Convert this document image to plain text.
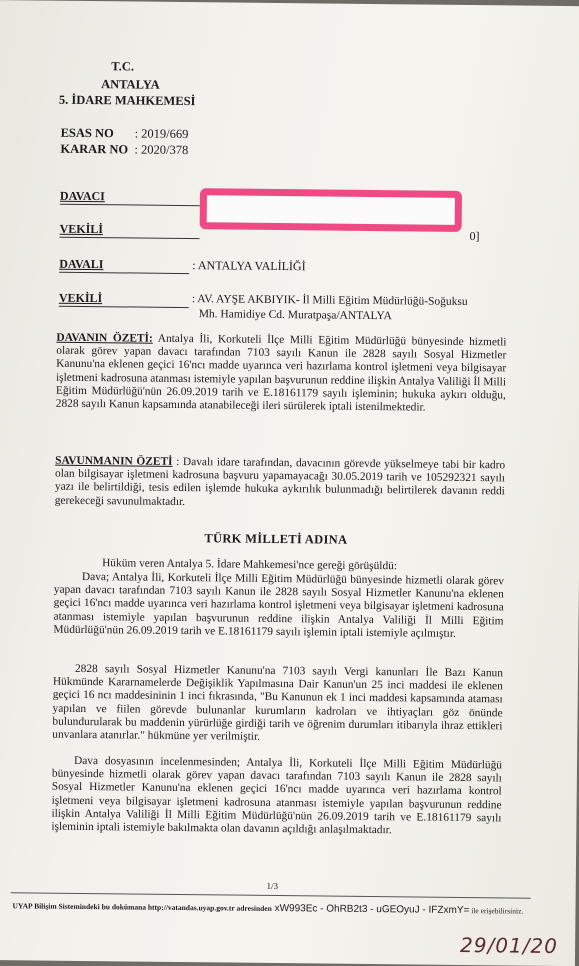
T.C.
ANTALYA
5. İDARE MAHKEMESİ
ESAS NO : 2019/669
KARAR NO : 2020/378
DAVACI
VEKİLİ	0]
DAVALI	: ANTALYA VALİLİĞİ
VEKİLİ	: AV. AYŞE AKBIYIK- İl Milli Eğitim Müdürlüğü-Soğuksu
Mh. Hamidiye Cd. Muratpaşa/ANTALYA
DAVANIN ÖZETİ: Antalya İli, Korkuteli İlçe Milli Eğitim Müdürlüğü bünyesinde hizmetli olarak görev yapan davacı tarafından 7103 sayılı Kanun ile 2828 sayılı Sosyal Hizmetler Kanunu'na eklenen geçici 16'ncı madde uyarınca veri hazırlama kontrol işletmeni veya bilgisayar işletmeni kadrosuna atanması istemiyle yapılan başvurunun reddine ilişkin Antalya Valiliği İl Milli Eğitim Müdürlüğü'nün 26.09.2019 tarih ve E.18161179 sayılı işleminin; hukuka aykırı olduğu, 2828 sayılı Kanun kapsamında atanabileceği ileri sürülerek iptali istenilmektedir.
SAVUNMANIN ÖZETİ : Davalı idare tarafından, davacının görevde yükselmeye tabi bir kadro olan bilgisayar işletmeni kadrosuna başvuru yapamayacağı 30.05.2019 tarih ve 105292321 sayılı yazı ile belirtildiği, tesis edilen işlemde hukuka aykırılık bulunmadığı belirtilerek davanın reddi gerekeceği savunulmaktadır.
TÜRK MİLLETİ ADINA
Hüküm veren Antalya 5. İdare Mahkemesi'nce gereği görüşüldü:
Dava; Antalya İli, Korkuteli İlçe Milli Eğitim Müdürlüğü bünyesinde hizmetli olarak görev yapan davacı tarafından 7103 sayılı Kanun ile 2828 sayılı Sosyal Hizmetler Kanunu'na eklenen geçici 16'ncı madde uyarınca veri hazırlama kontrol işletmeni veya bilgisayar işletmeni kadrosuna atanması istemiyle yapılan başvurunun reddine ilişkin Antalya Valiliği İl Milli Eğitim Müdürlüğü'nün 26.09.2019 tarih ve E.18161179 sayılı işlemin iptali istemiyle açılmıştır.
2828 sayılı Sosyal Hizmetler Kanunu'na 7103 sayılı Vergi kanunları İle Bazı Kanun Hükmünde Kararnamelerde Değişiklik Yapılmasına Dair Kanun'un 25 inci maddesi ile eklenen geçici 16 ncı maddesininin 1 inci fıkrasında, "Bu Kanunun ek 1 inci maddesi kapsamında ataması yapılan ve fiilen görevde bulunanlar kurumların kadroları ve ihtiyaçları göz önünde bulundurularak bu maddenin yürürlüğe girdiği tarih ve öğrenim durumları itibarıyla ihraz ettikleri unvanlara atanırlar." hükmüne yer verilmiştir.
Dava dosyasının incelenmesinden; Antalya İli, Korkuteli İlçe Milli Eğitim Müdürlüğü bünyesinde hizmetli olarak görev yapan davacı tarafından 7103 sayılı Kanun ile 2828 sayılı Sosyal Hizmetler Kanunu'na eklenen geçici 16'ncı madde uyarınca veri hazırlama kontrol işletmeni veya bilgisayar işletmeni kadrosuna atanması istemiyle yapılan başvurunun reddine ilişkin Antalya Valiliği İl Milli Eğitim Müdürlüğü'nün 26.09.2019 tarih ve E.18161179 sayılı işleminin iptali istemiyle bakılmakta olan davanın açıldığı anlaşılmaktadır.
1/3
UYAP Bilişim Sistemindeki bu dokümana http://vatandas.uyap.gov.tr adresinden xW993Ec - OhRB2t3 - uGEOyuJ - IFZxmY= ile erişebilirsiniz.
29/01/20
